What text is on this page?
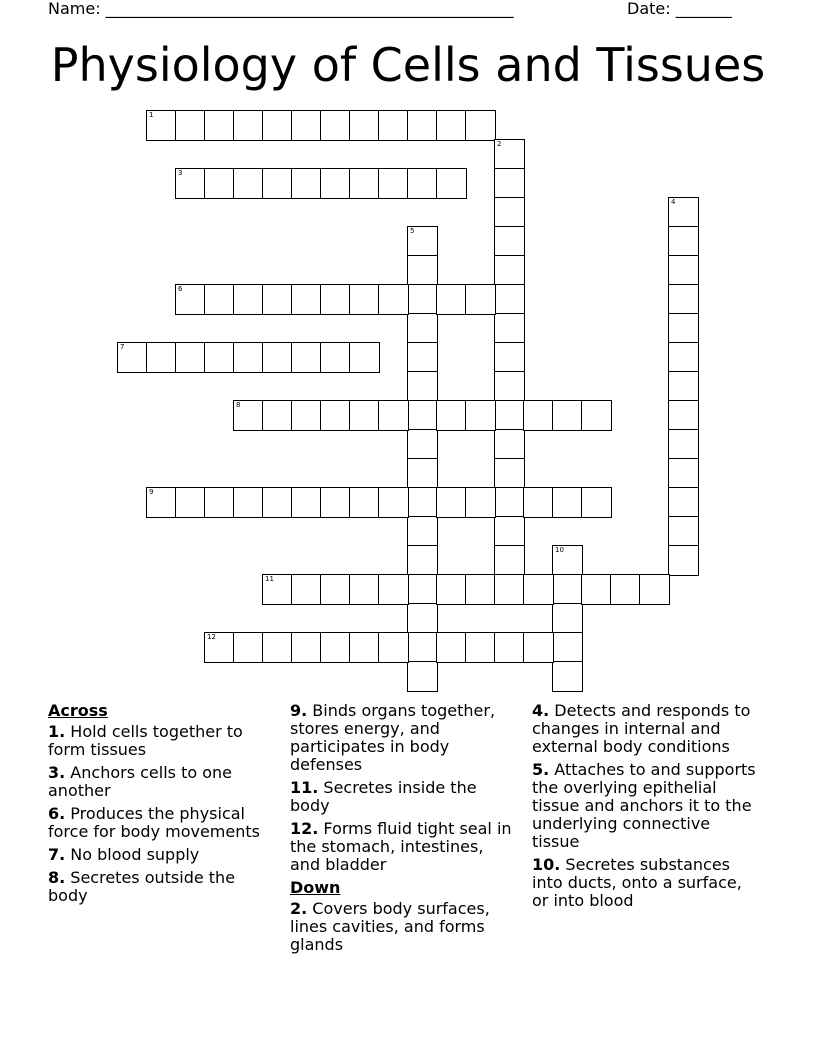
Name: ___________________________________________________	Date: _______
Physiology of Cells and Tissues
1
2
3
4
5
6
7
8
9
10
11
12
Across
1. Hold cells together to form tissues
3. Anchors cells to one another
6. Produces the physical force for body movements
7. No blood supply
8. Secretes outside the body
9. Binds organs together, stores energy, and participates in body defenses
11. Secretes inside the body
12. Forms fluid tight seal in the stomach, intestines, and bladder
Down
2. Covers body surfaces, lines cavities, and forms glands
4. Detects and responds to changes in internal and external body conditions
5. Attaches to and supports the overlying epithelial tissue and anchors it to the underlying connective tissue
10. Secretes substances into ducts, onto a surface, or into blood
